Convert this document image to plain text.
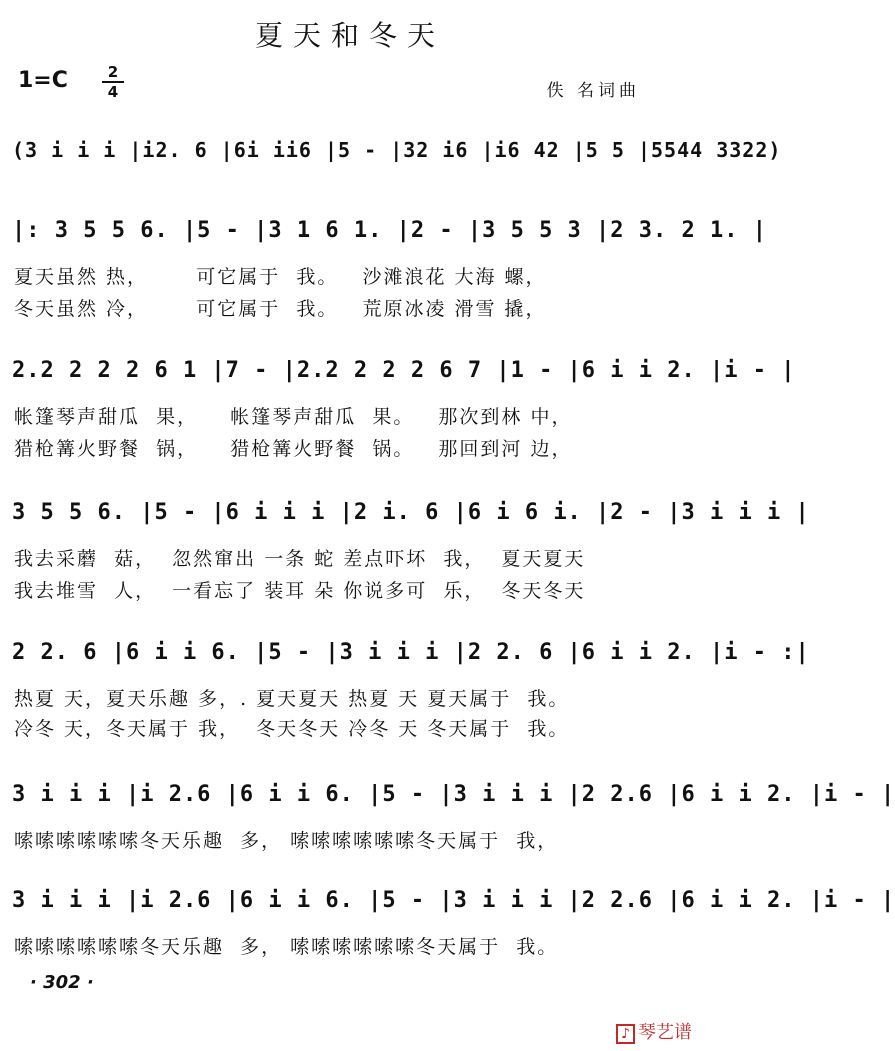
夏天和冬天
1=C	2
4	佚 名词曲
(3 i i i |i2. 6 |6i ii6 |5 - |32 i6 |i6 42 |5 5 |5544 3322)
|: 3 5 5 6. |5 - |3 1 6 1. |2 - |3 5 5 3 |2 3. 2 1. |
夏天虽然 热，      可它属于  我。   沙滩浪花 大海 螺，
冬天虽然 冷，      可它属于  我。   荒原冰凌 滑雪 撬，
2.2 2 2 2 6 1 |7 - |2.2 2 2 2 6 7 |1 - |6 i i 2. |i - |
帐篷琴声甜瓜  果，    帐篷琴声甜瓜  果。   那次到林 中，
猎枪篝火野餐  锅，    猎枪篝火野餐  锅。   那回到河 边，
3 5 5 6. |5 - |6 i i i |2 i. 6 |6 i 6 i. |2 - |3 i i i |
我去采蘑  菇，  忽然窜出 一条 蛇 差点吓坏  我，  夏天夏天
我去堆雪  人，  一看忘了 装耳 朵 你说多可  乐，  冬天冬天
2 2. 6 |6 i i 6. |5 - |3 i i i |2 2. 6 |6 i i 2. |i - :|
热夏 天，夏天乐趣 多，. 夏天夏天 热夏 天 夏天属于  我。
冷冬 天，冬天属于 我，  冬天冬天 冷冬 天 冬天属于  我。
3 i i i |i 2.6 |6 i i 6. |5 - |3 i i i |2 2.6 |6 i i 2. |i - |
嗦嗦嗦嗦嗦嗦冬天乐趣  多， 嗦嗦嗦嗦嗦嗦冬天属于  我，
3 i i i |i 2.6 |6 i i 6. |5 - |3 i i i |2 2.6 |6 i i 2. |i - |
嗦嗦嗦嗦嗦嗦冬天乐趣  多， 嗦嗦嗦嗦嗦嗦冬天属于  我。
· 302 ·
♪ 琴艺谱
